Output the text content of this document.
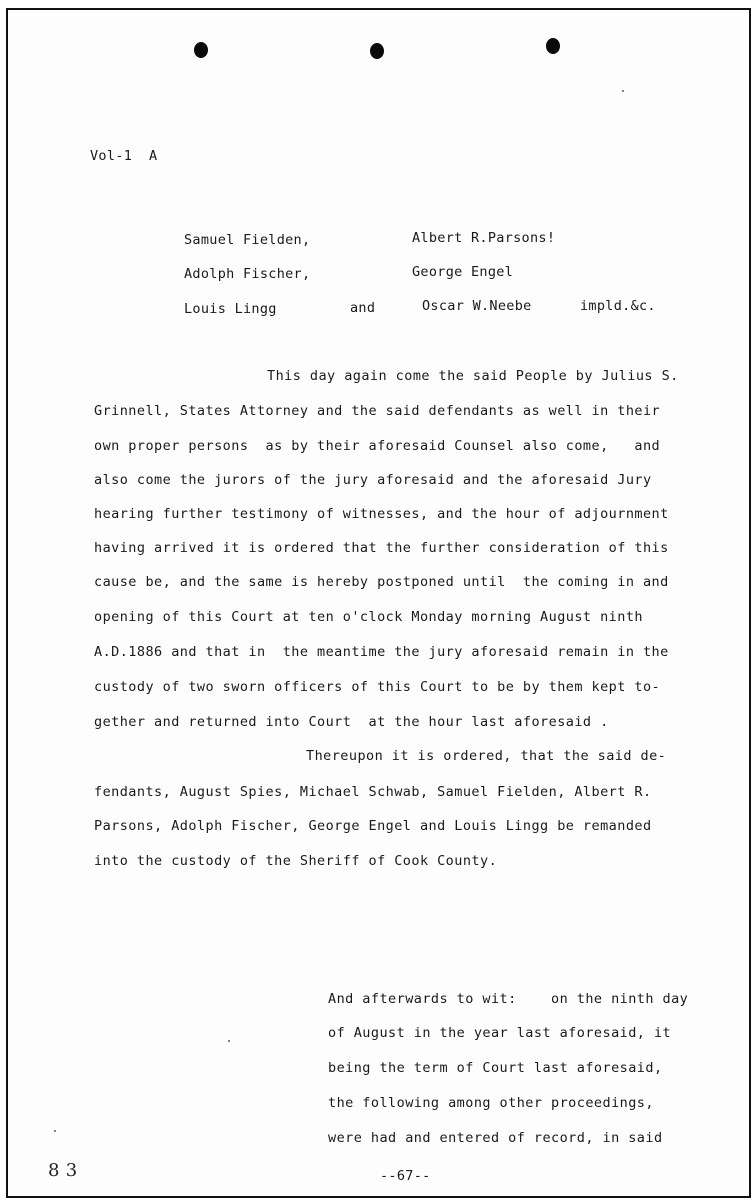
Vol-1  A
Samuel Fielden,
Adolph Fischer,
Louis Lingg
Albert R.Parsons!
George Engel
Oscar W.Neebe
and	impld.&c.
This day again come the said People by Julius S.
Grinnell, States Attorney and the said defendants as well in their
own proper persons  as by their aforesaid Counsel also come,   and
also come the jurors of the jury aforesaid and the aforesaid Jury
hearing further testimony of witnesses, and the hour of adjournment
having arrived it is ordered that the further consideration of this
cause be, and the same is hereby postponed until  the coming in and
opening of this Court at ten o'clock Monday morning August ninth
A.D.1886 and that in  the meantime the jury aforesaid remain in the
custody of two sworn officers of this Court to be by them kept to-
gether and returned into Court  at the hour last aforesaid .
Thereupon it is ordered, that the said de-
fendants, August Spies, Michael Schwab, Samuel Fielden, Albert R.
Parsons, Adolph Fischer, George Engel and Louis Lingg be remanded
into the custody of the Sheriff of Cook County.
And afterwards to wit:    on the ninth day
of August in the year last aforesaid, it
being the term of Court last aforesaid,
the following among other proceedings,
were had and entered of record, in said
8 3	--67--
